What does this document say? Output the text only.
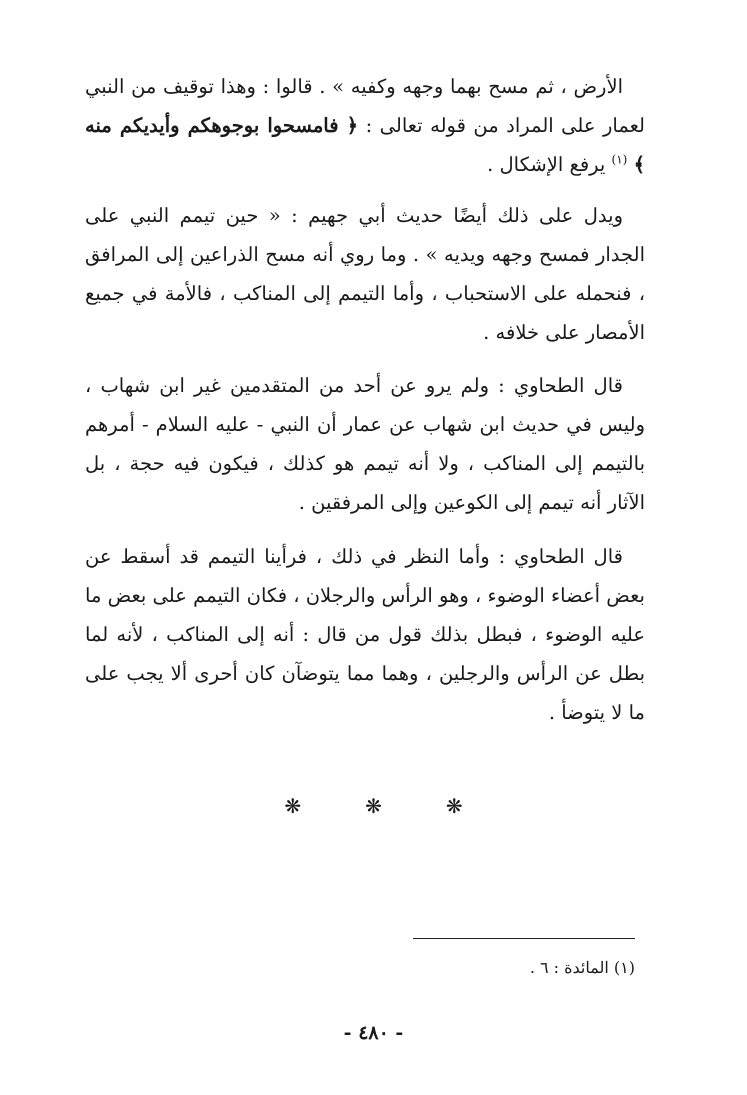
الأرض ، ثم مسح بهما وجهه وكفيه » . قالوا : وهذا توقيف من النبي لعمار على المراد من قوله تعالى : ﴿ فامسحوا بوجوهكم وأيديكم منه ﴾ $^{(١)}$ يرفع الإشكال .

ويدل على ذلك أيضًا حديث أبي جهيم : « حين تيمم النبي على الجدار فمسح وجهه ويديه » . وما روي أنه مسح الذراعين إلى المرافق ، فنحمله على الاستحباب ، وأما التيمم إلى المناكب ، فالأمة في جميع الأمصار على خلافه .

قال الطحاوي : ولم يرو عن أحد من المتقدمين غير ابن شهاب ، وليس في حديث ابن شهاب عن عمار أن النبي - عليه السلام - أمرهم بالتيمم إلى المناكب ، ولا أنه تيمم هو كذلك ، فيكون فيه حجة ، بل الآثار أنه تيمم إلى الكوعين وإلى المرفقين .

قال الطحاوي : وأما النظر في ذلك ، فرأينا التيمم قد أسقط عن بعض أعضاء الوضوء ، وهو الرأس والرجلان ، فكان التيمم على بعض ما عليه الوضوء ، فبطل بذلك قول من قال : أنه إلى المناكب ، لأنه لما بطل عن الرأس والرجلين ، وهما مما يتوضآن كان أحرى ألا يجب على ما لا يتوضأ .

❋	❋	❋
(١) المائدة : ٦ .
- ٤٨٠ -
